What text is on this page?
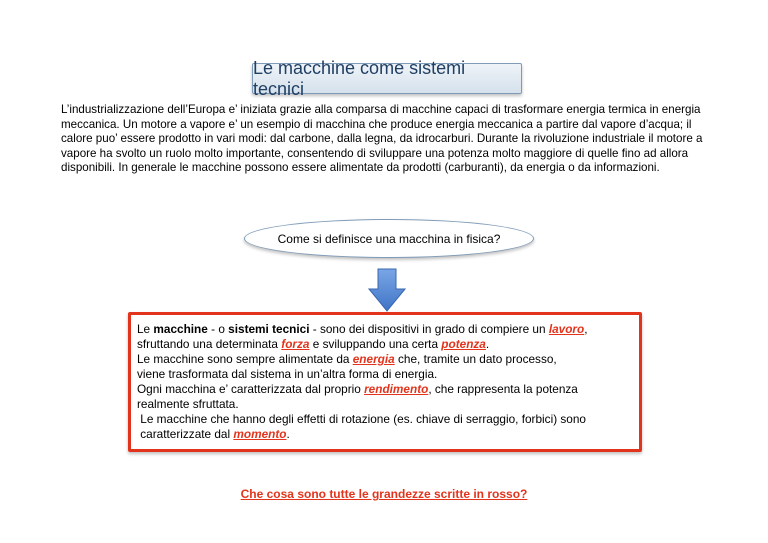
Le macchine come sistemi tecnici

L’industrializzazione dell’Europa e’ iniziata grazie alla comparsa di macchine capaci di trasformare energia termica in energia meccanica. Un motore a vapore e’ un esempio di macchina che produce energia meccanica a partire dal vapore d’acqua; il calore puo’ essere prodotto in vari modi: dal carbone, dalla legna, da idrocarburi. Durante la rivoluzione industriale il motore a vapore ha svolto un ruolo molto importante, consentendo di sviluppare una potenza molto maggiore di quelle fino ad allora disponibili. In generale le macchine possono essere alimentate da prodotti (carburanti), da energia o da informazioni.

Come si definisce una macchina in fisica?

Le macchine - o sistemi tecnici - sono dei dispositivi in grado di compiere un lavoro,

sfruttando una determinata forza e sviluppando una certa potenza.

Le macchine sono sempre alimentate da energia che, tramite un dato processo,

viene trasformata dal sistema in un’altra forma di energia.

Ogni macchina e’ caratterizzata dal proprio rendimento, che rappresenta la potenza

realmente sfruttata.

Le macchine che hanno degli effetti di rotazione (es. chiave di serraggio, forbici) sono

caratterizzate dal momento.

Che cosa sono tutte le grandezze scritte in rosso?
